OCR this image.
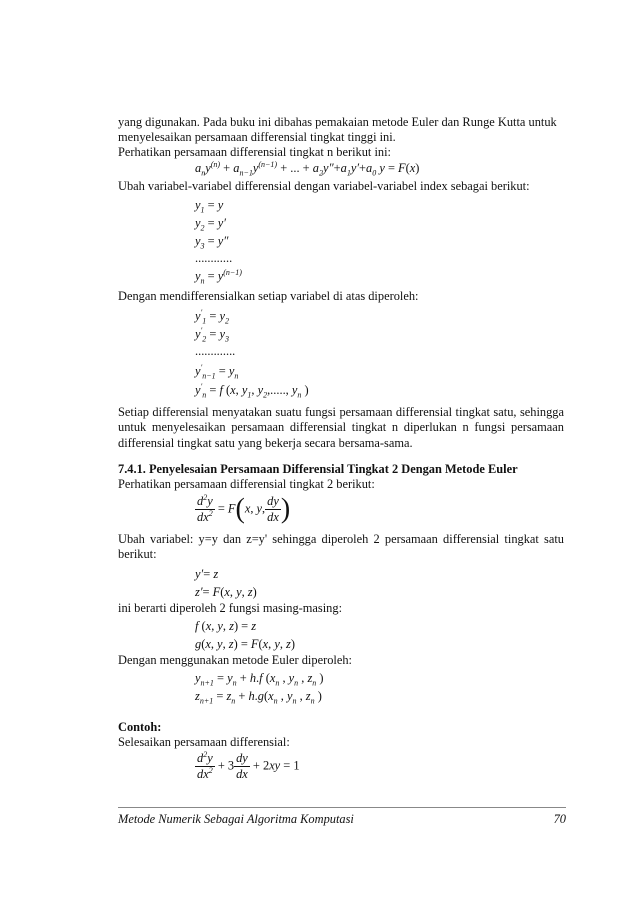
yang digunakan. Pada buku ini dibahas pemakaian metode Euler dan Runge Kutta untuk
menyelesaikan persamaan differensial tingkat tinggi ini.
Perhatikan persamaan differensial tingkat n berikut ini:
$a_ny^{(n)} + a_{n-1}y^{(n-1)}$ + ... + $a_2y''+a_1y'+a_0$ y = F(x)
Ubah variabel-variabel differensial dengan variabel-variabel index sebagai berikut:
$y_1 = y$
$y_2 = y'$
$y_3 = y''$
............
$y_n = y^{(n-1)}$
Dengan mendifferensialkan setiap variabel di atas diperoleh:
$y'_1 = y_2$
$y'_2 = y_3$
.............
$y'_{n-1} = y_n$
$y'_n = f$ (x, $y_1$, $y_2$,....., $y_n$ )
Setiap differensial menyatakan suatu fungsi persamaan differensial tingkat satu, sehingga untuk menyelesaikan persamaan differensial tingkat n diperlukan n fungsi persamaan differensial tingkat satu yang bekerja secara bersama-sama.
7.4.1. Penyelesaian Persamaan Differensial Tingkat 2 Dengan Metode Euler
Perhatikan persamaan differensial tingkat 2 berikut:
$\frac{d^2y}{dx^2} = F(x$, y, $\frac{dy}{dx}$ )
Ubah variabel: y=y dan z=y' sehingga diperoleh 2 persamaan differensial tingkat satu berikut:
y′= z
z′= F(x, y, z)
ini berarti diperoleh 2 fungsi masing-masing:
f (x, y, z) = z
g(x, y, z) = F(x, y, z)
Dengan menggunakan metode Euler diperoleh:
$y_{n+1} = y_n + h.f$ ($x_n$ , $y_n$ , $z_n$ )
$z_{n+1} = z_n + h.g(x_n$ , $y_n$ , $z_n$ )
Contoh:
Selesaikan persamaan differensial:
$\frac{d^2y}{dx^2} + 3 \frac{dy}{dx} + 2xy = 1$
Metode Numerik Sebagai Algoritma Komputasi	70
